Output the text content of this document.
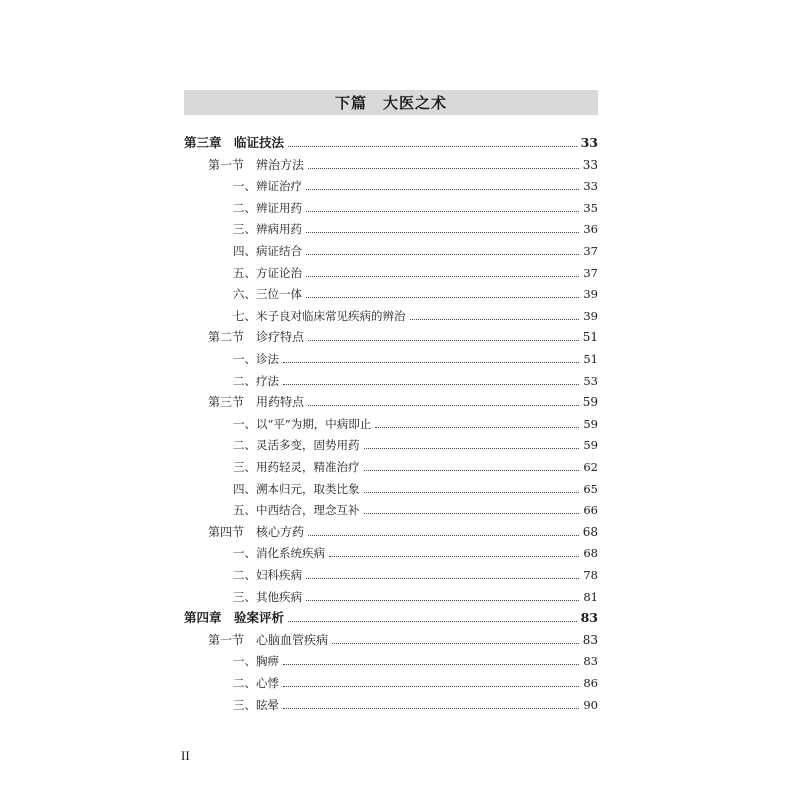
下篇　大医之术
第三章　临证技法	33
第一节　辨治方法	33
一、辨证治疗	33
二、辨证用药	35
三、辨病用药	36
四、病证结合	37
五、方证论治	37
六、三位一体	39
七、米子良对临床常见疾病的辨治	39
第二节　诊疗特点	51
一、诊法	51
二、疗法	53
第三节　用药特点	59
一、以“平”为期，中病即止	59
二、灵活多变，固势用药	59
三、用药轻灵，精准治疗	62
四、溯本归元，取类比象	65
五、中西结合，理念互补	66
第四节　核心方药	68
一、消化系统疾病	68
二、妇科疾病	78
三、其他疾病	81
第四章　验案评析	83
第一节　心脑血管疾病	83
一、胸痹	83
二、心悸	86
三、眩晕	90
II
